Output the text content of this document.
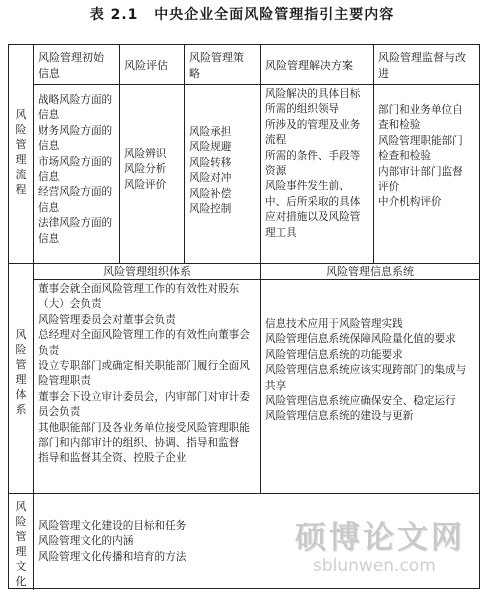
表 2.1 中央企业全面风险管理指引主要内容
风险管理流程
风险管理体系
风险管理文化
风险管理初始信息
风险评估
风险管理策略
风险管理解决方案
风险管理监督与改进
战略风险方面的信息
财务风险方面的信息
市场风险方面的信息
经营风险方面的信息
法律风险方面的信息
风险辨识
风险分析
风险评价
风险承担
风险规避
风险转移
风险对冲
风险补偿
风险控制
风险解决的具体目标
所需的组织领导
所涉及的管理及业务流程
所需的条件、手段等资源
风险事件发生前、中、后所采取的具体应对措施以及风险管理工具
部门和业务单位自查和检验
风险管理职能部门检查和检验
内部审计部门监督评价
中介机构评价
风险管理组织体系	风险管理信息系统
董事会就全面风险管理工作的有效性对股东（大）会负责
风险管理委员会对董事会负责
总经理对全面风险管理工作的有效性向董事会负责
设立专职部门或确定相关职能部门履行全面风险管理职责
董事会下设立审计委员会，内审部门对审计委员会负责
其他职能部门及各业务单位接受风险管理职能部门和内部审计的组织、协调、指导和监督
指导和监督其全资、控股子企业
信息技术应用于风险管理实践
风险管理信息系统保障风险量化值的要求
风险管理信息系统的功能要求
风险管理信息系统应该实现跨部门的集成与共享
风险管理信息系统应确保安全、稳定运行
风险管理信息系统的建设与更新
风险管理文化建设的目标和任务
风险管理文化的内涵
风险管理文化传播和培育的方法
硕博论文网
sblunwen.com
